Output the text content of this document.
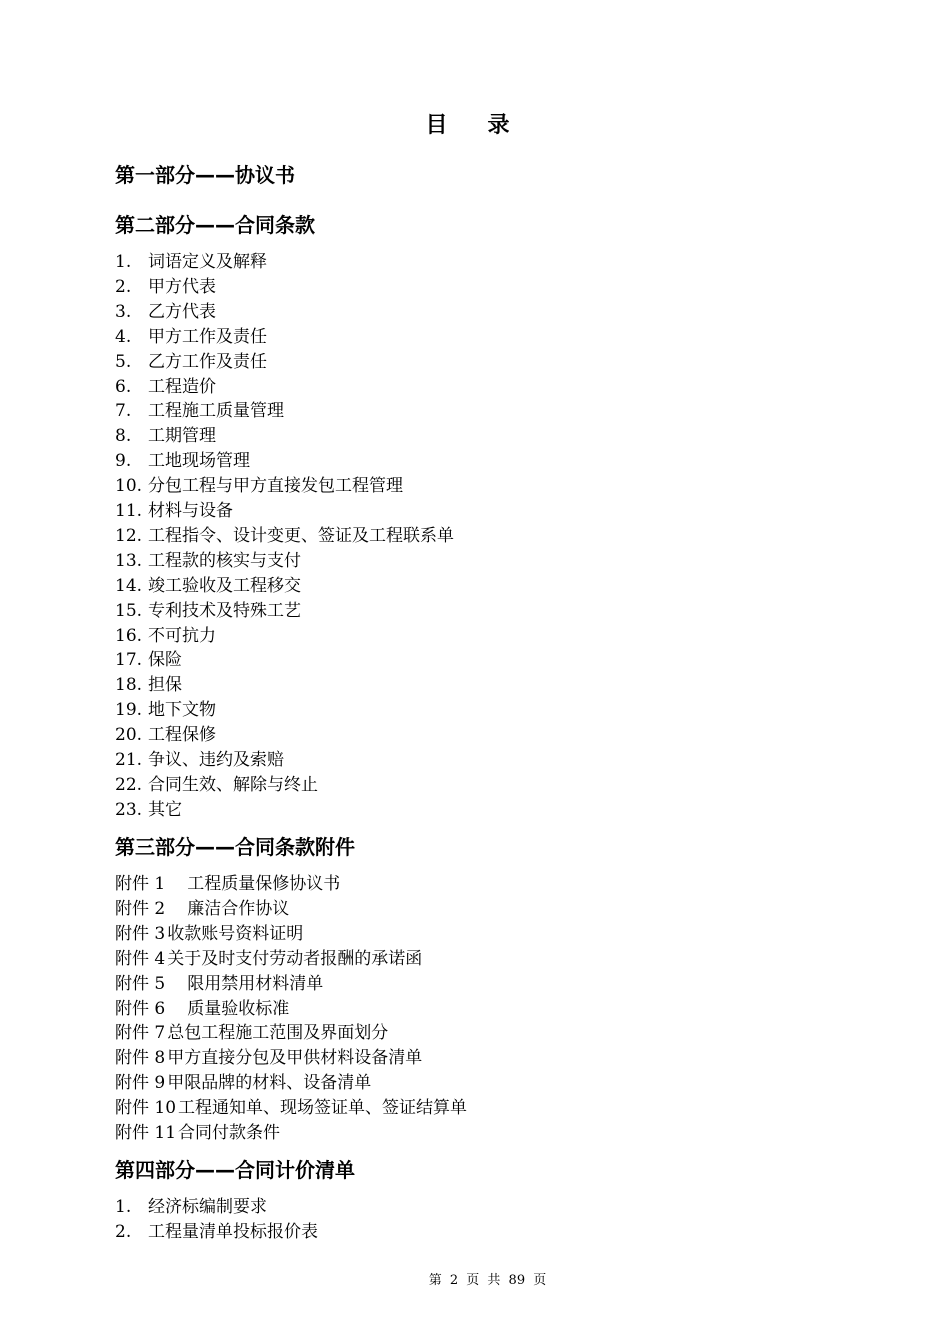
目录
第一部分——协议书
第二部分——合同条款
1. 词语定义及解释
2. 甲方代表
3. 乙方代表
4. 甲方工作及责任
5. 乙方工作及责任
6. 工程造价
7. 工程施工质量管理
8. 工期管理
9. 工地现场管理
10. 分包工程与甲方直接发包工程管理
11. 材料与设备
12. 工程指令、设计变更、签证及工程联系单
13. 工程款的核实与支付
14. 竣工验收及工程移交
15. 专利技术及特殊工艺
16. 不可抗力
17. 保险
18. 担保
19. 地下文物
20. 工程保修
21. 争议、违约及索赔
22. 合同生效、解除与终止
23. 其它
第三部分——合同条款附件
附件 1 工程质量保修协议书
附件 2 廉洁合作协议
附件 3 收款账号资料证明
附件 4 关于及时支付劳动者报酬的承诺函
附件 5 限用禁用材料清单
附件 6 质量验收标准
附件 7 总包工程施工范围及界面划分
附件 8 甲方直接分包及甲供材料设备清单
附件 9 甲限品牌的材料、设备清单
附件 10 工程通知单、现场签证单、签证结算单
附件 11 合同付款条件
第四部分——合同计价清单
1. 经济标编制要求
2. 工程量清单投标报价表
第 2 页 共 89 页
